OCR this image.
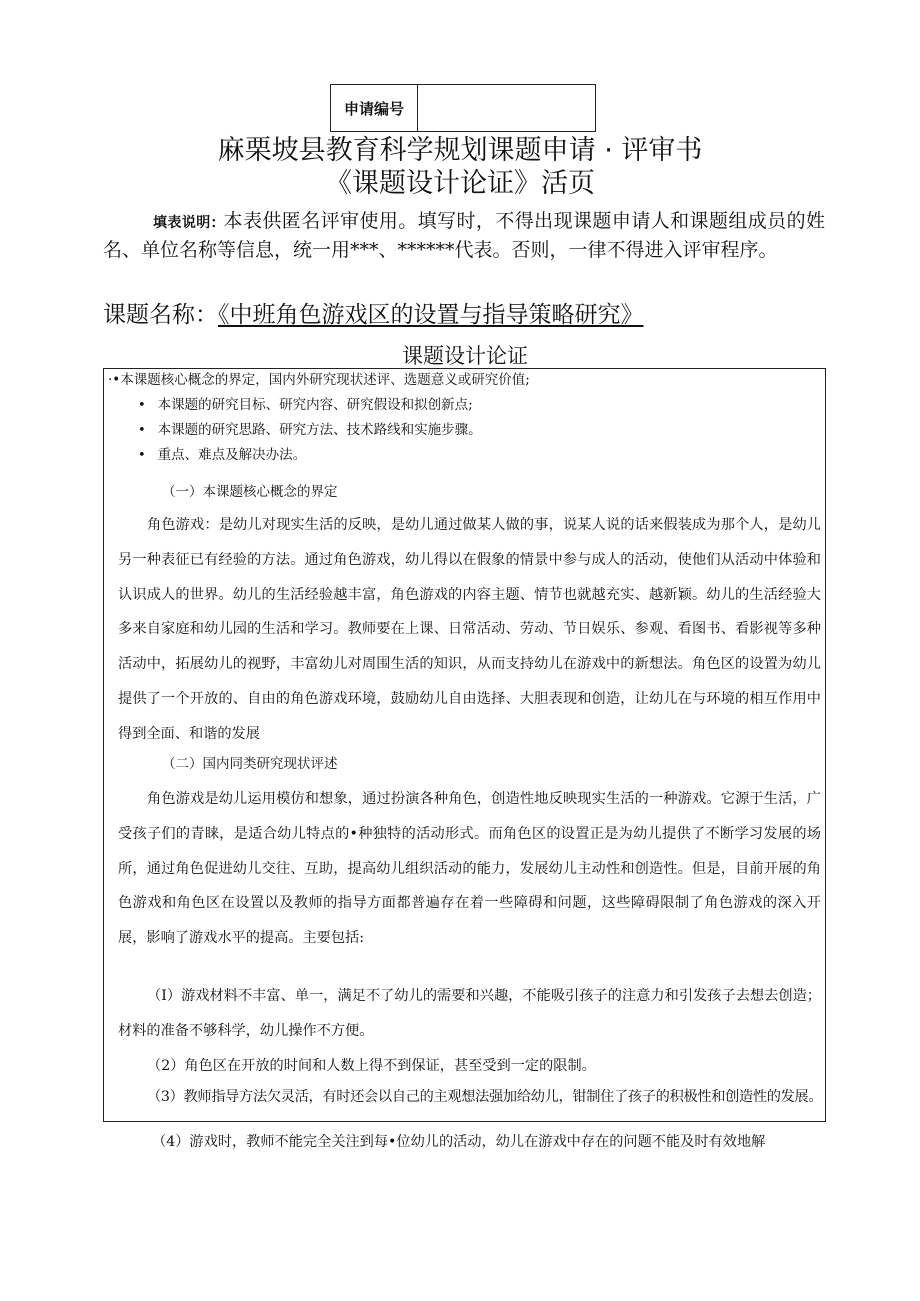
申请编号
麻栗坡县教育科学规划课题申请 · 评审书
《课题设计论证》活页
填表说明: 本表供匿名评审使用。填写时，不得出现课题申请人和课题组成员的姓名、单位名称等信息，统一用***、******代表。否则，一律不得进入评审程序。
课题名称：《中班角色游戏区的设置与指导策略研究》
课题设计论证
·•本课题核心概念的界定，国内外研究现状述评、选题意义或研究价值;
• 本课题的研究目标、研究内容、研究假设和拟创新点;
• 本课题的研究思路、研究方法、技术路线和实施步骤。
• 重点、难点及解决办法。
（一）本课题核心概念的界定
角色游戏：是幼儿对现实生活的反映，是幼儿通过做某人做的事，说某人说的话来假装成为那个人，是幼儿另一种表征已有经验的方法。通过角色游戏，幼儿得以在假象的情景中参与成人的活动，使他们从活动中体验和认识成人的世界。幼儿的生活经验越丰富，角色游戏的内容主题、情节也就越充实、越新颖。幼儿的生活经验大多来自家庭和幼儿园的生活和学习。教师要在上课、日常活动、劳动、节日娱乐、参观、看图书、看影视等多种活动中，拓展幼儿的视野，丰富幼儿对周围生活的知识，从而支持幼儿在游戏中的新想法。角色区的设置为幼儿提供了一个开放的、自由的角色游戏环境，鼓励幼儿自由选择、大胆表现和创造，让幼儿在与环境的相互作用中得到全面、和谐的发展
（二）国内同类研究现状评述
角色游戏是幼儿运用模仿和想象，通过扮演各种角色，创造性地反映现实生活的一种游戏。它源于生活，广受孩子们的青睐，是适合幼儿特点的•种独特的活动形式。而角色区的设置正是为幼儿提供了不断学习发展的场所，通过角色促进幼儿交往、互助，提高幼儿组织活动的能力，发展幼儿主动性和创造性。但是，目前开展的角色游戏和角色区在设置以及教师的指导方面都普遍存在着一些障碍和问题，这些障碍限制了角色游戏的深入开展，影响了游戏水平的提高。主要包括:
（I）游戏材料不丰富、单一，满足不了幼儿的需要和兴趣，不能吸引孩子的注意力和引发孩子去想去创造；材料的准备不够科学，幼儿操作不方便。
（2）角色区在开放的时间和人数上得不到保证，甚至受到一定的限制。
（3）教师指导方法欠灵活，有时还会以自己的主观想法强加给幼儿，钳制住了孩子的积极性和创造性的发展。
（4）游戏时，教师不能完全关注到每•位幼儿的活动，幼儿在游戏中存在的问题不能及时有效地解
